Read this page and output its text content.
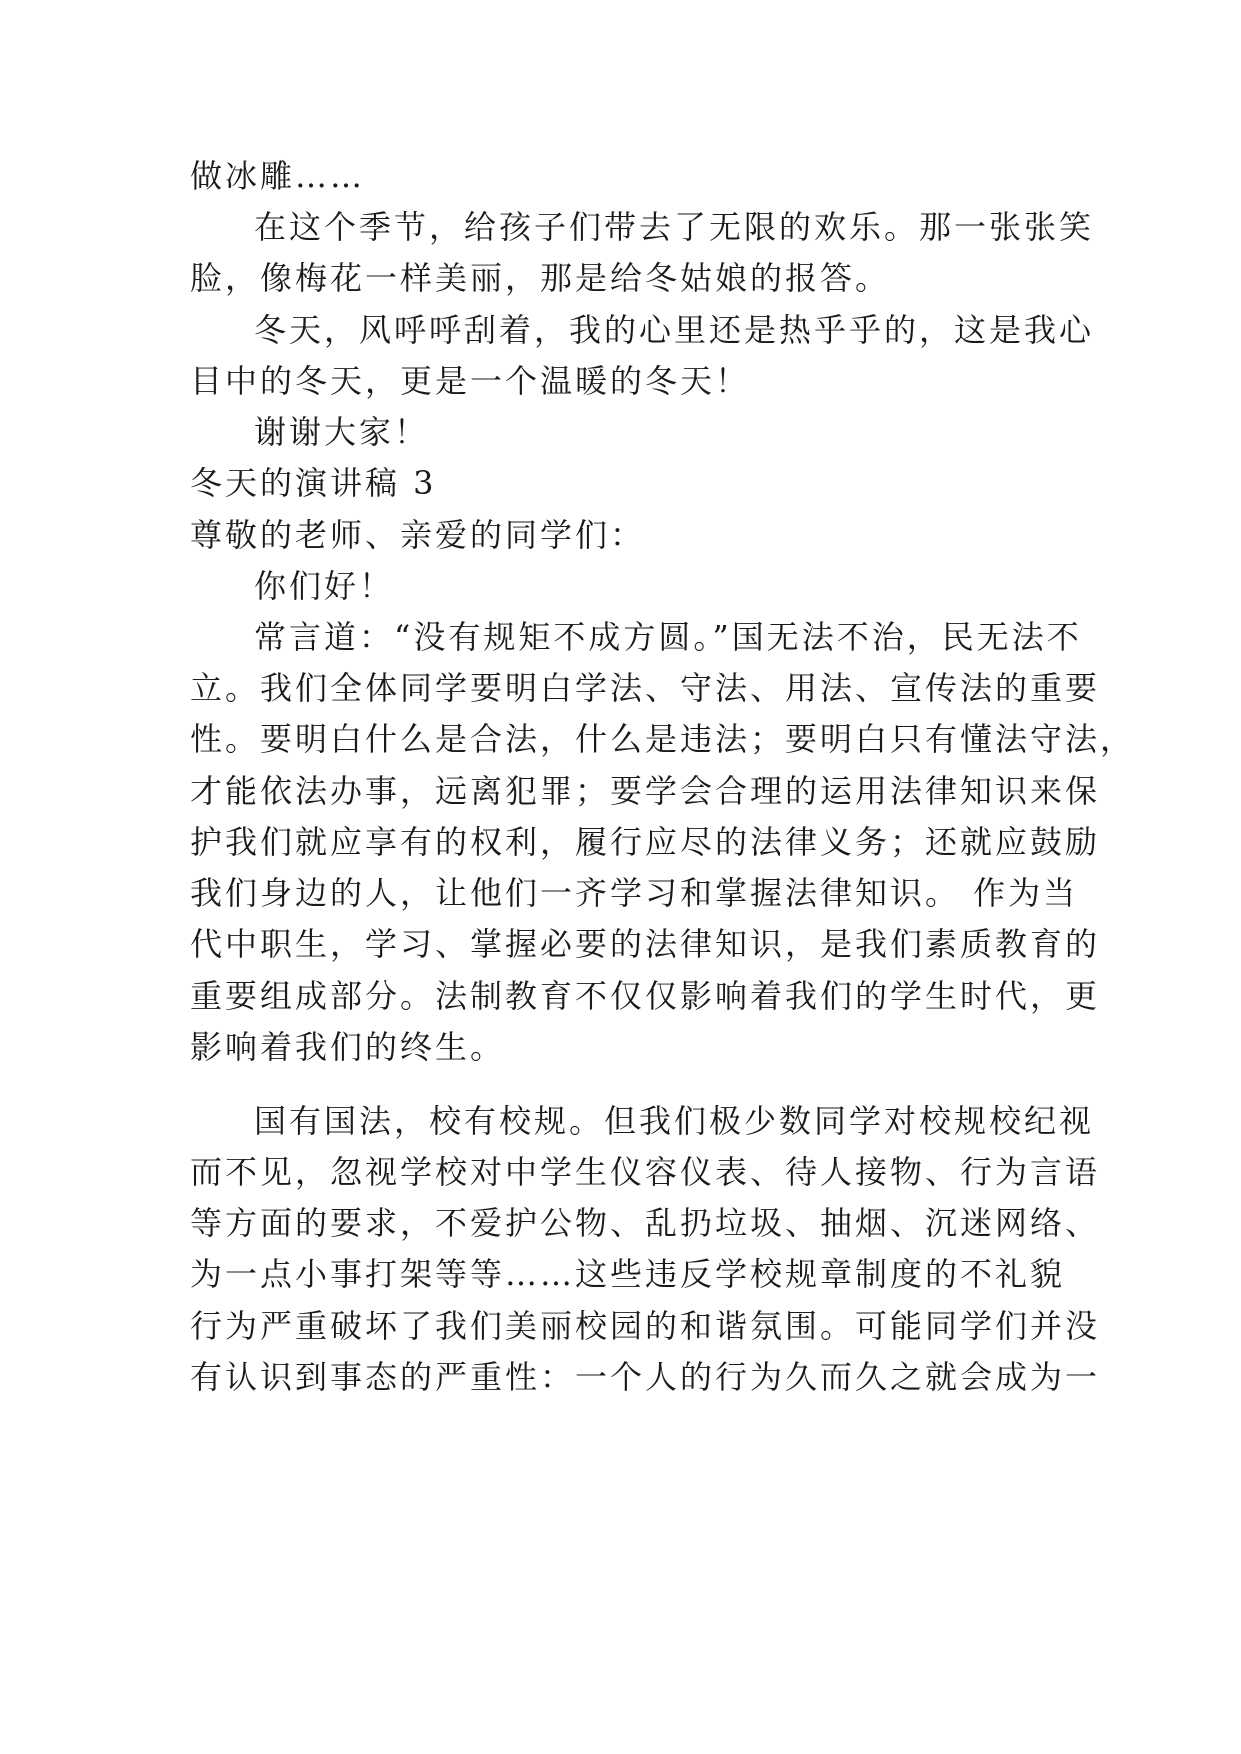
做冰雕……
在这个季节，给孩子们带去了无限的欢乐。那一张张笑
脸，像梅花一样美丽，那是给冬姑娘的报答。
冬天，风呼呼刮着，我的心里还是热乎乎的，这是我心
目中的冬天，更是一个温暖的冬天！
谢谢大家！
冬天的演讲稿 3
尊敬的老师、亲爱的同学们：
你们好！
常言道：“没有规矩不成方圆。”国无法不治，民无法不
立。我们全体同学要明白学法、守法、用法、宣传法的重要
性。要明白什么是合法，什么是违法；要明白只有懂法守法，
才能依法办事，远离犯罪；要学会合理的运用法律知识来保
护我们就应享有的权利，履行应尽的法律义务；还就应鼓励
我们身边的人，让他们一齐学习和掌握法律知识。 作为当
代中职生，学习、掌握必要的法律知识，是我们素质教育的
重要组成部分。法制教育不仅仅影响着我们的学生时代，更
影响着我们的终生。
国有国法，校有校规。但我们极少数同学对校规校纪视
而不见，忽视学校对中学生仪容仪表、待人接物、行为言语
等方面的要求，不爱护公物、乱扔垃圾、抽烟、沉迷网络、
为一点小事打架等等……这些违反学校规章制度的不礼貌
行为严重破坏了我们美丽校园的和谐氛围。可能同学们并没
有认识到事态的严重性：一个人的行为久而久之就会成为一
